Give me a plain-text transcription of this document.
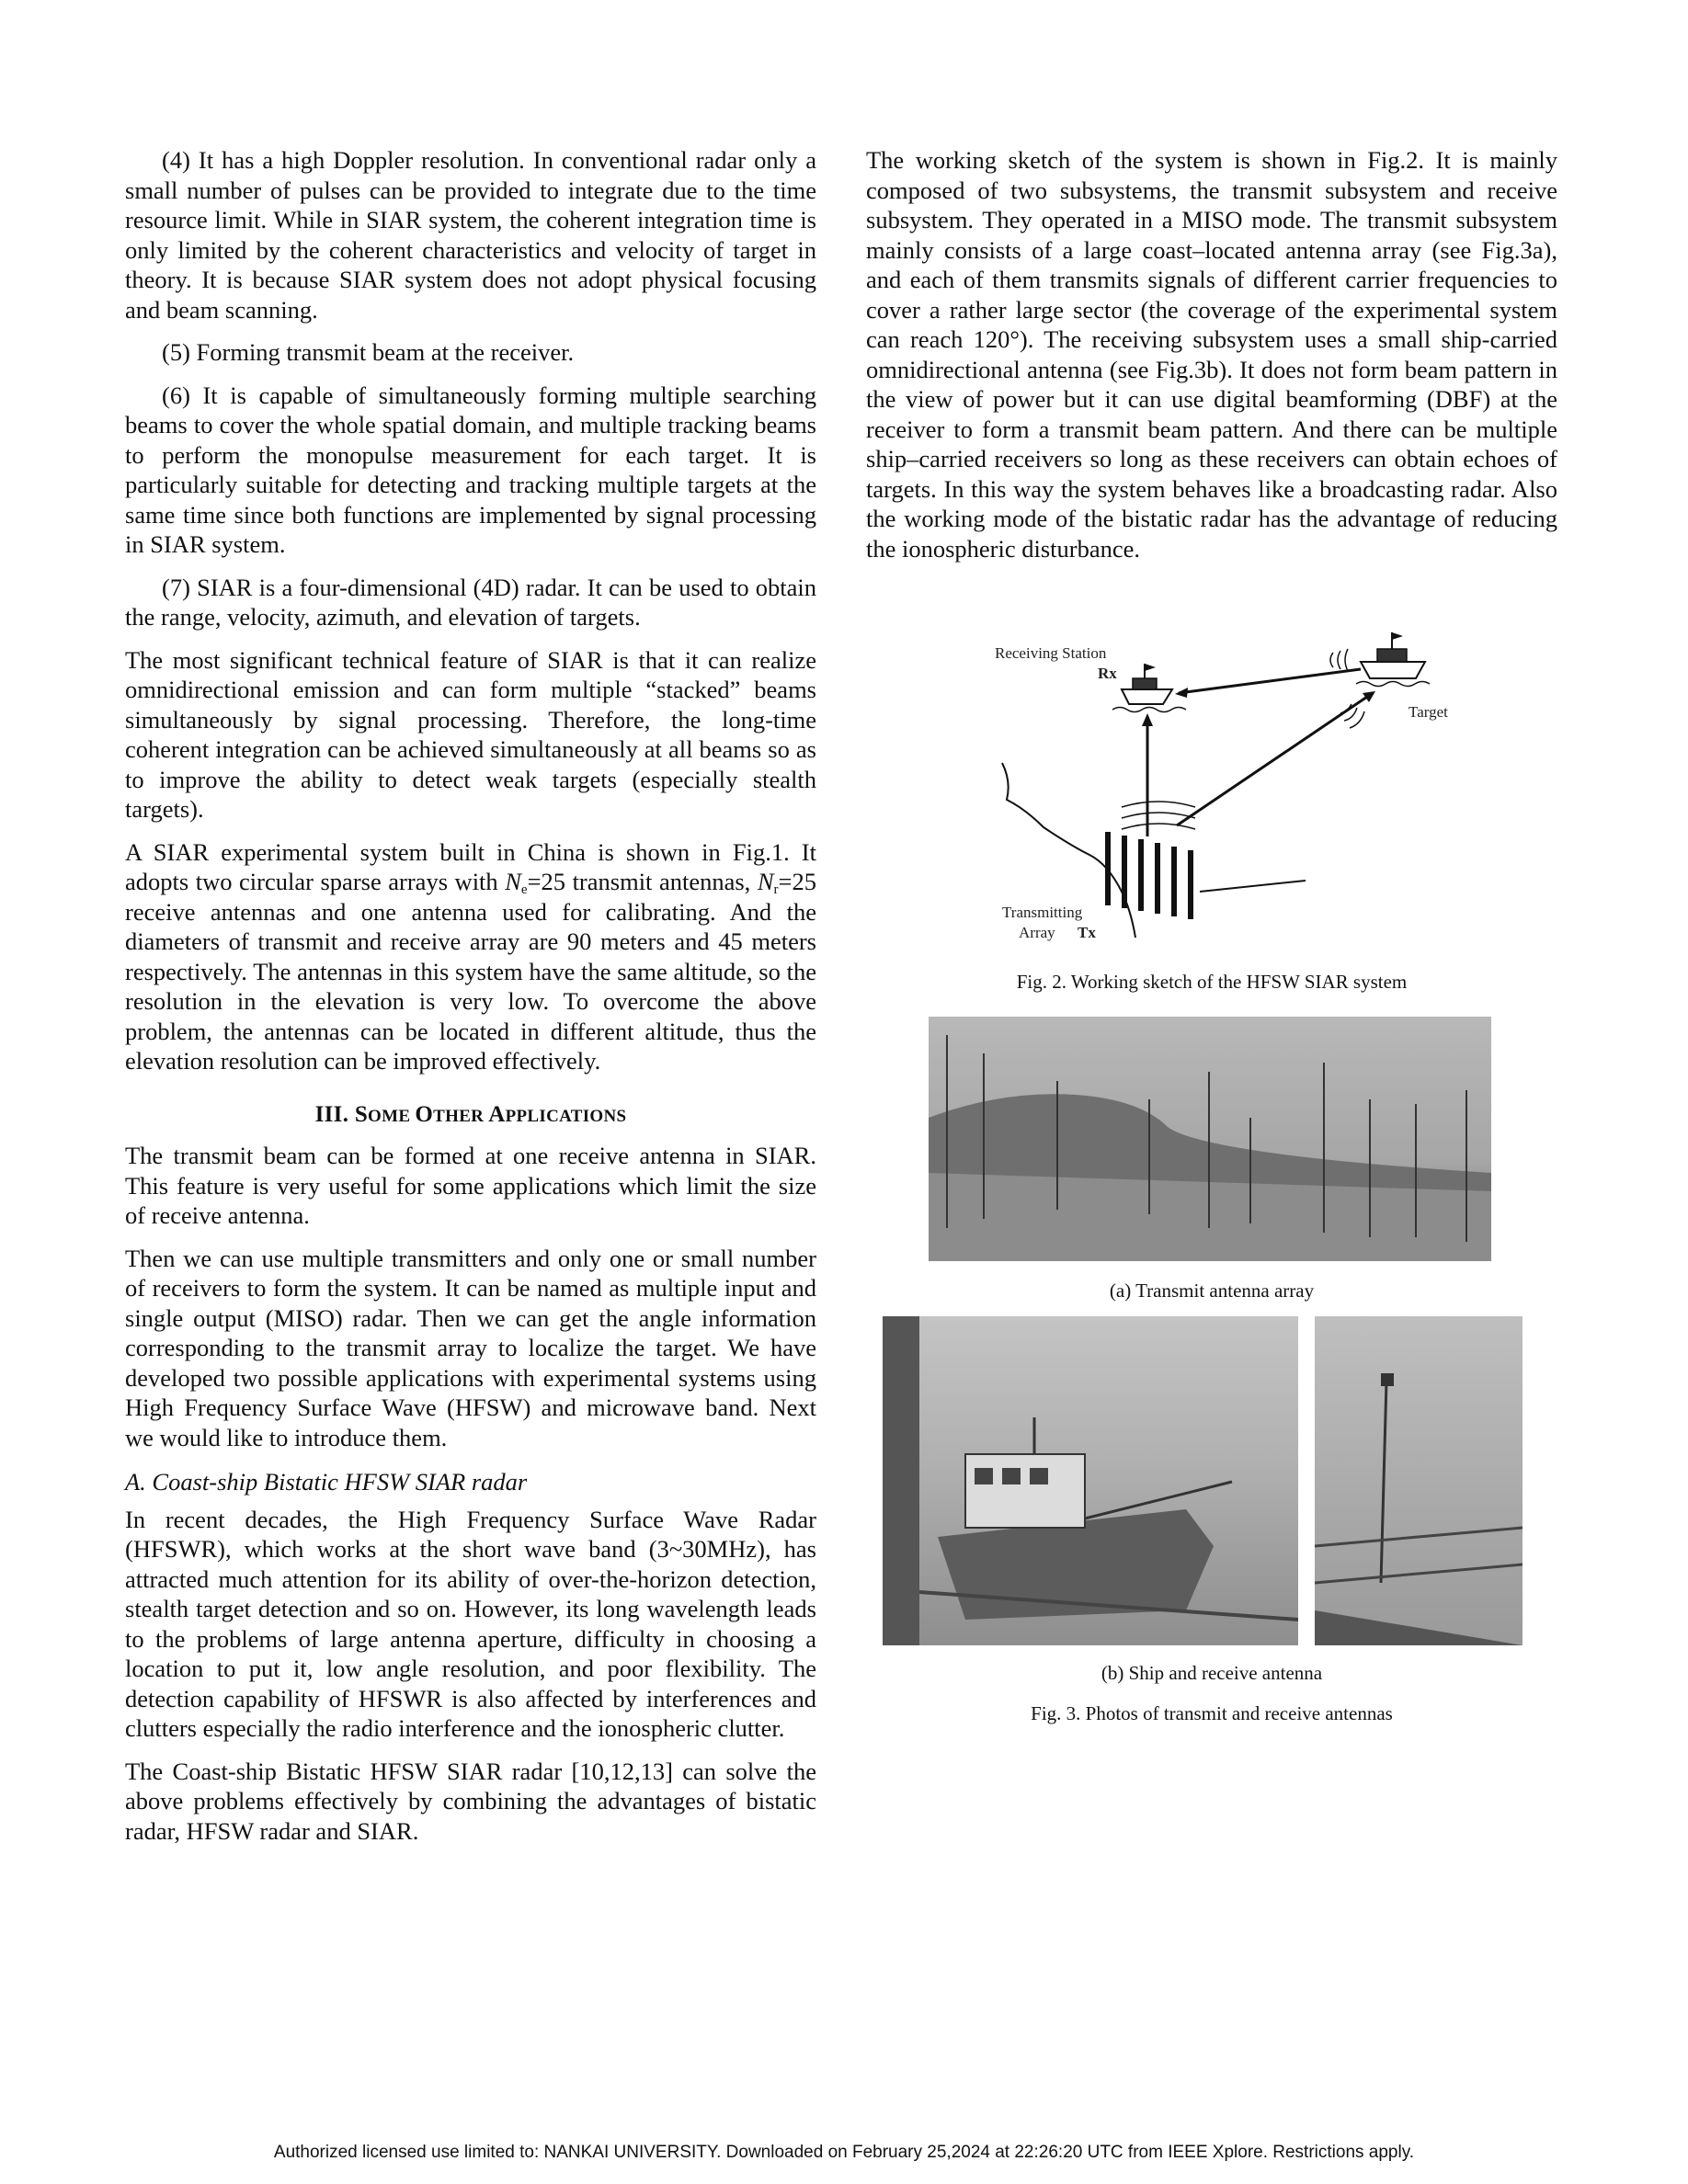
(4) It has a high Doppler resolution. In conventional radar only a small number of pulses can be provided to integrate due to the time resource limit. While in SIAR system, the coherent integration time is only limited by the coherent characteristics and velocity of target in theory. It is because SIAR system does not adopt physical focusing and beam scanning.

(5) Forming transmit beam at the receiver.

(6) It is capable of simultaneously forming multiple searching beams to cover the whole spatial domain, and multiple tracking beams to perform the monopulse measurement for each target. It is particularly suitable for detecting and tracking multiple targets at the same time since both functions are implemented by signal processing in SIAR system.

(7) SIAR is a four-dimensional (4D) radar. It can be used to obtain the range, velocity, azimuth, and elevation of targets.

The most significant technical feature of SIAR is that it can realize omnidirectional emission and can form multiple “stacked” beams simultaneously by signal processing. Therefore, the long-time coherent integration can be achieved simultaneously at all beams so as to improve the ability to detect weak targets (especially stealth targets).

A SIAR experimental system built in China is shown in Fig.1. It adopts two circular sparse arrays with $N_e=25$ transmit antennas, $N_r=25$ receive antennas and one antenna used for calibrating. And the diameters of transmit and receive array are 90 meters and 45 meters respectively. The antennas in this system have the same altitude, so the resolution in the elevation is very low. To overcome the above problem, the antennas can be located in different altitude, thus the elevation resolution can be improved effectively.

III. SOME OTHER APPLICATIONS

The transmit beam can be formed at one receive antenna in SIAR. This feature is very useful for some applications which limit the size of receive antenna.

Then we can use multiple transmitters and only one or small number of receivers to form the system. It can be named as multiple input and single output (MISO) radar. Then we can get the angle information corresponding to the transmit array to localize the target. We have developed two possible applications with experimental systems using High Frequency Surface Wave (HFSW) and microwave band. Next we would like to introduce them.

A. Coast-ship Bistatic HFSW SIAR radar

In recent decades, the High Frequency Surface Wave Radar (HFSWR), which works at the short wave band (3~30MHz), has attracted much attention for its ability of over-the-horizon detection, stealth target detection and so on. However, its long wavelength leads to the problems of large antenna aperture, difficulty in choosing a location to put it, low angle resolution, and poor flexibility. The detection capability of HFSWR is also affected by interferences and clutters especially the radio interference and the ionospheric clutter.

The Coast-ship Bistatic HFSW SIAR radar [10,12,13] can solve the above problems effectively by combining the advantages of bistatic radar, HFSW radar and SIAR.

The working sketch of the system is shown in Fig.2. It is mainly composed of two subsystems, the transmit subsystem and receive subsystem. They operated in a MISO mode. The transmit subsystem mainly consists of a large coast–located antenna array (see Fig.3a), and each of them transmits signals of different carrier frequencies to cover a rather large sector (the coverage of the experimental system can reach 120°). The receiving subsystem uses a small ship-carried omnidirectional antenna (see Fig.3b). It does not form beam pattern in the view of power but it can use digital beamforming (DBF) at the receiver to form a transmit beam pattern. And there can be multiple ship–carried receivers so long as these receivers can obtain echoes of targets. In this way the system behaves like a broadcasting radar. Also the working mode of the bistatic radar has the advantage of reducing the ionospheric disturbance.

Receiving Station
Rx
Target
Transmitting
Array Tx
Fig. 2. Working sketch of the HFSW SIAR system
(a) Transmit antenna array
(b) Ship and receive antenna
Fig. 3. Photos of transmit and receive antennas
Authorized licensed use limited to: NANKAI UNIVERSITY. Downloaded on February 25,2024 at 22:26:20 UTC from IEEE Xplore. Restrictions apply.
